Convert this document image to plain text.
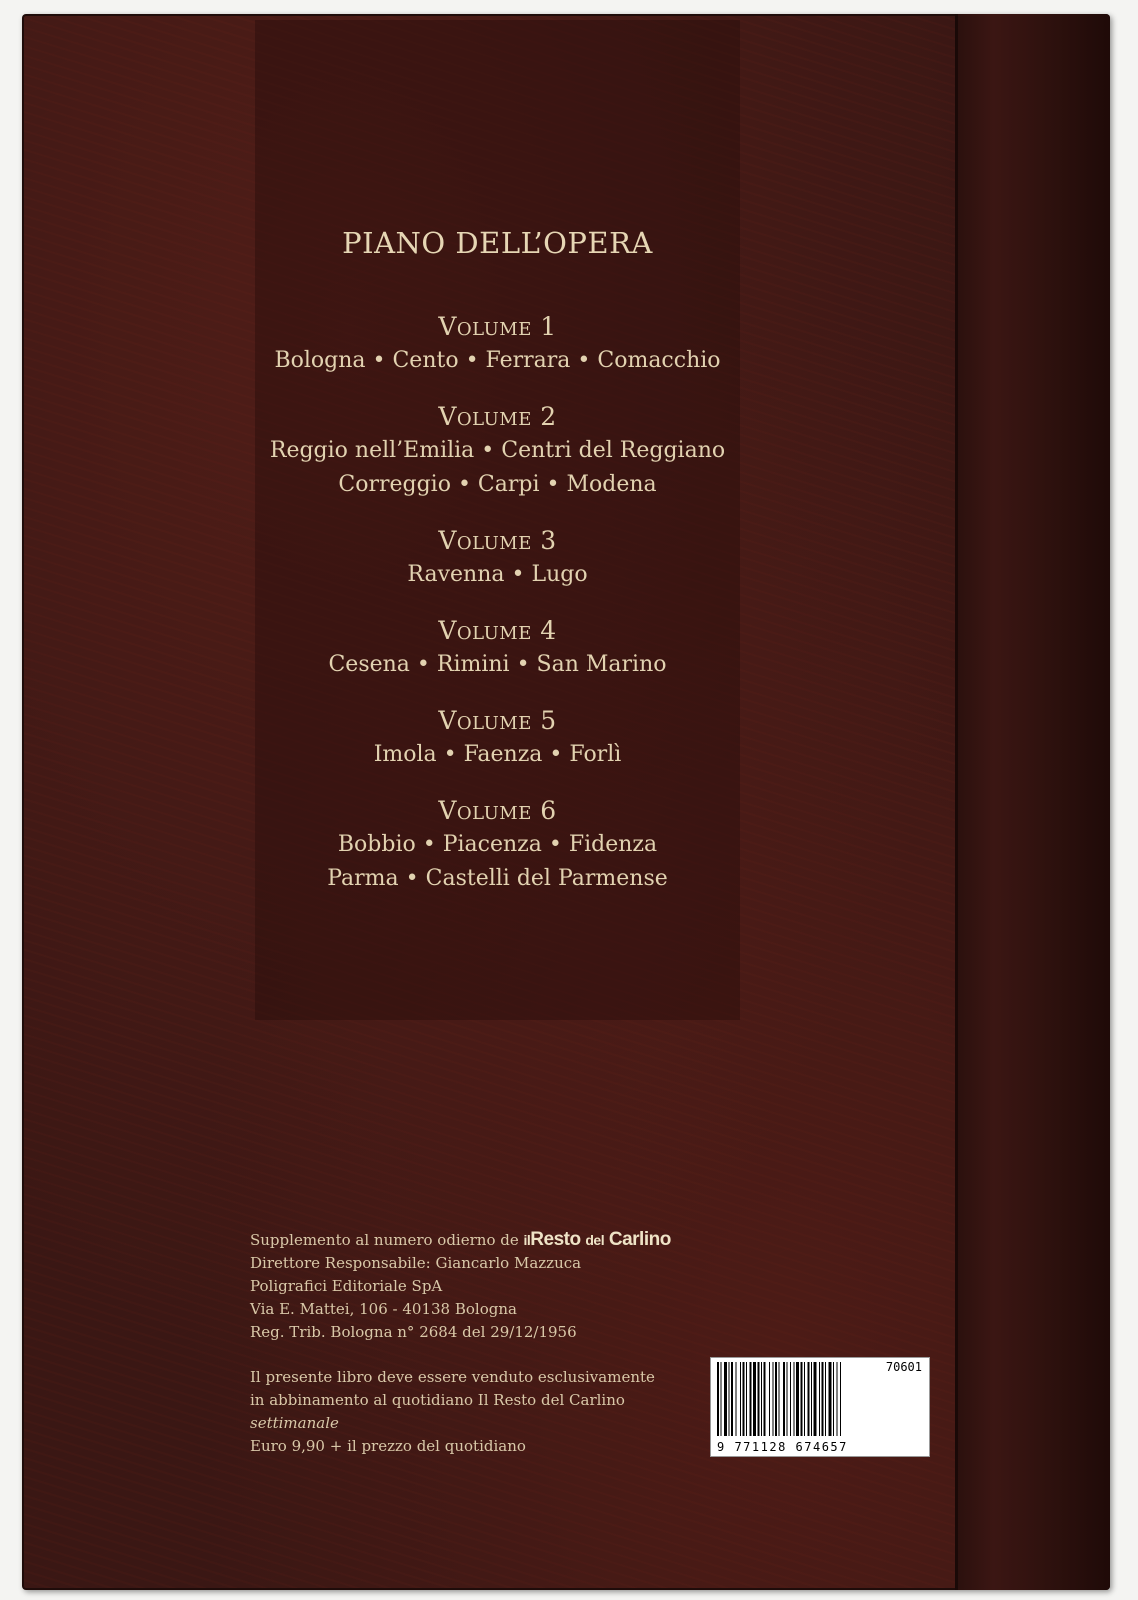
PIANO DELL’OPERA
Volume 1
Bologna • Cento • Ferrara • Comacchio
Volume 2
Reggio nell’Emilia • Centri del Reggiano
Correggio • Carpi • Modena
Volume 3
Ravenna • Lugo
Volume 4
Cesena • Rimini • San Marino
Volume 5
Imola • Faenza • Forlì
Volume 6
Bobbio • Piacenza • Fidenza
Parma • Castelli del Parmense
Supplemento al numero odierno de ilResto del Carlino
Direttore Responsabile: Giancarlo Mazzuca
Poligrafici Editoriale SpA
Via E. Mattei, 106 - 40138 Bologna
Reg. Trib. Bologna n° 2684 del 29/12/1956
Il presente libro deve essere venduto esclusivamente
in abbinamento al quotidiano Il Resto del Carlino
settimanale
Euro 9,90 + il prezzo del quotidiano
70601
9 771128 674657
